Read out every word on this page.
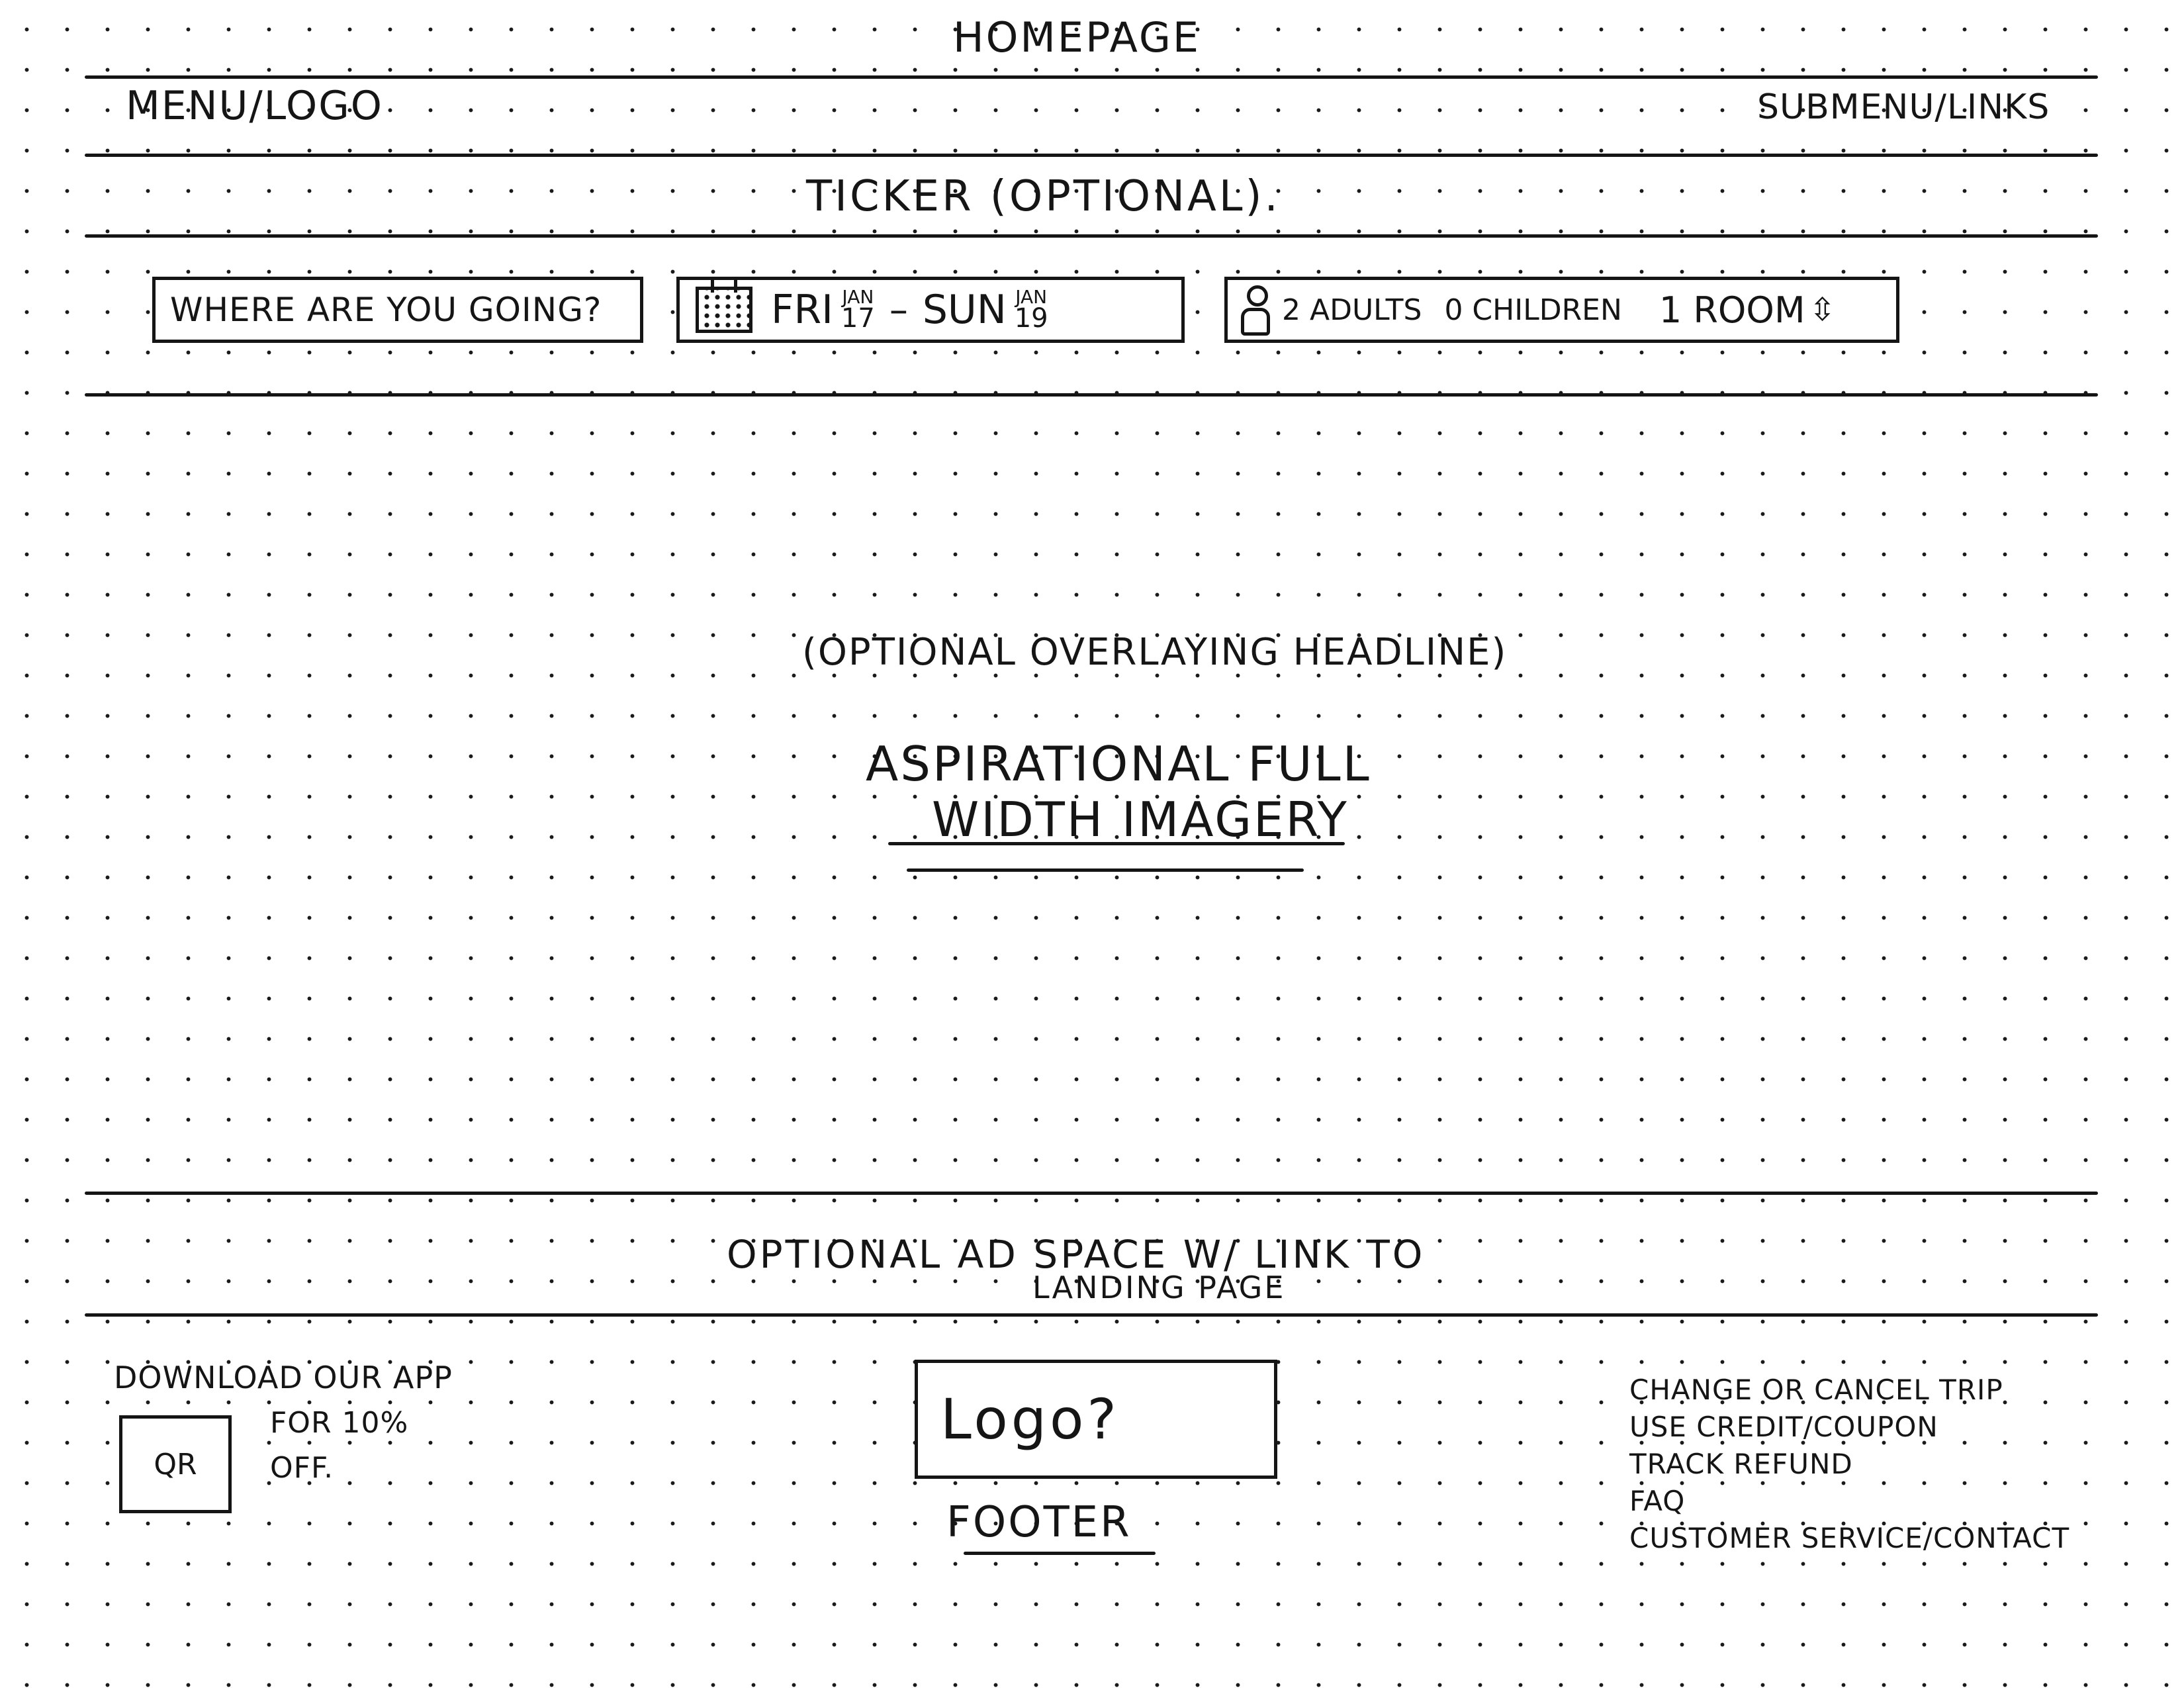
HOMEPAGE
MENU/LOGO	SUBMENU/LINKS
TICKER (OPTIONAL).
WHERE ARE YOU GOING?	FRI JAN
17 – SUN JAN
19	2 ADULTS 0 CHILDREN 1 ROOM ⇳
(OPTIONAL OVERLAYING HEADLINE)
ASPIRATIONAL FULL
WIDTH IMAGERY
OPTIONAL AD SPACE W/ LINK TO
LANDING PAGE
DOWNLOAD OUR APP
QR
FOR 10%
OFF.
Logo?
FOOTER
CHANGE OR CANCEL TRIP
USE CREDIT/COUPON
TRACK REFUND
FAQ
CUSTOMER SERVICE/CONTACT
